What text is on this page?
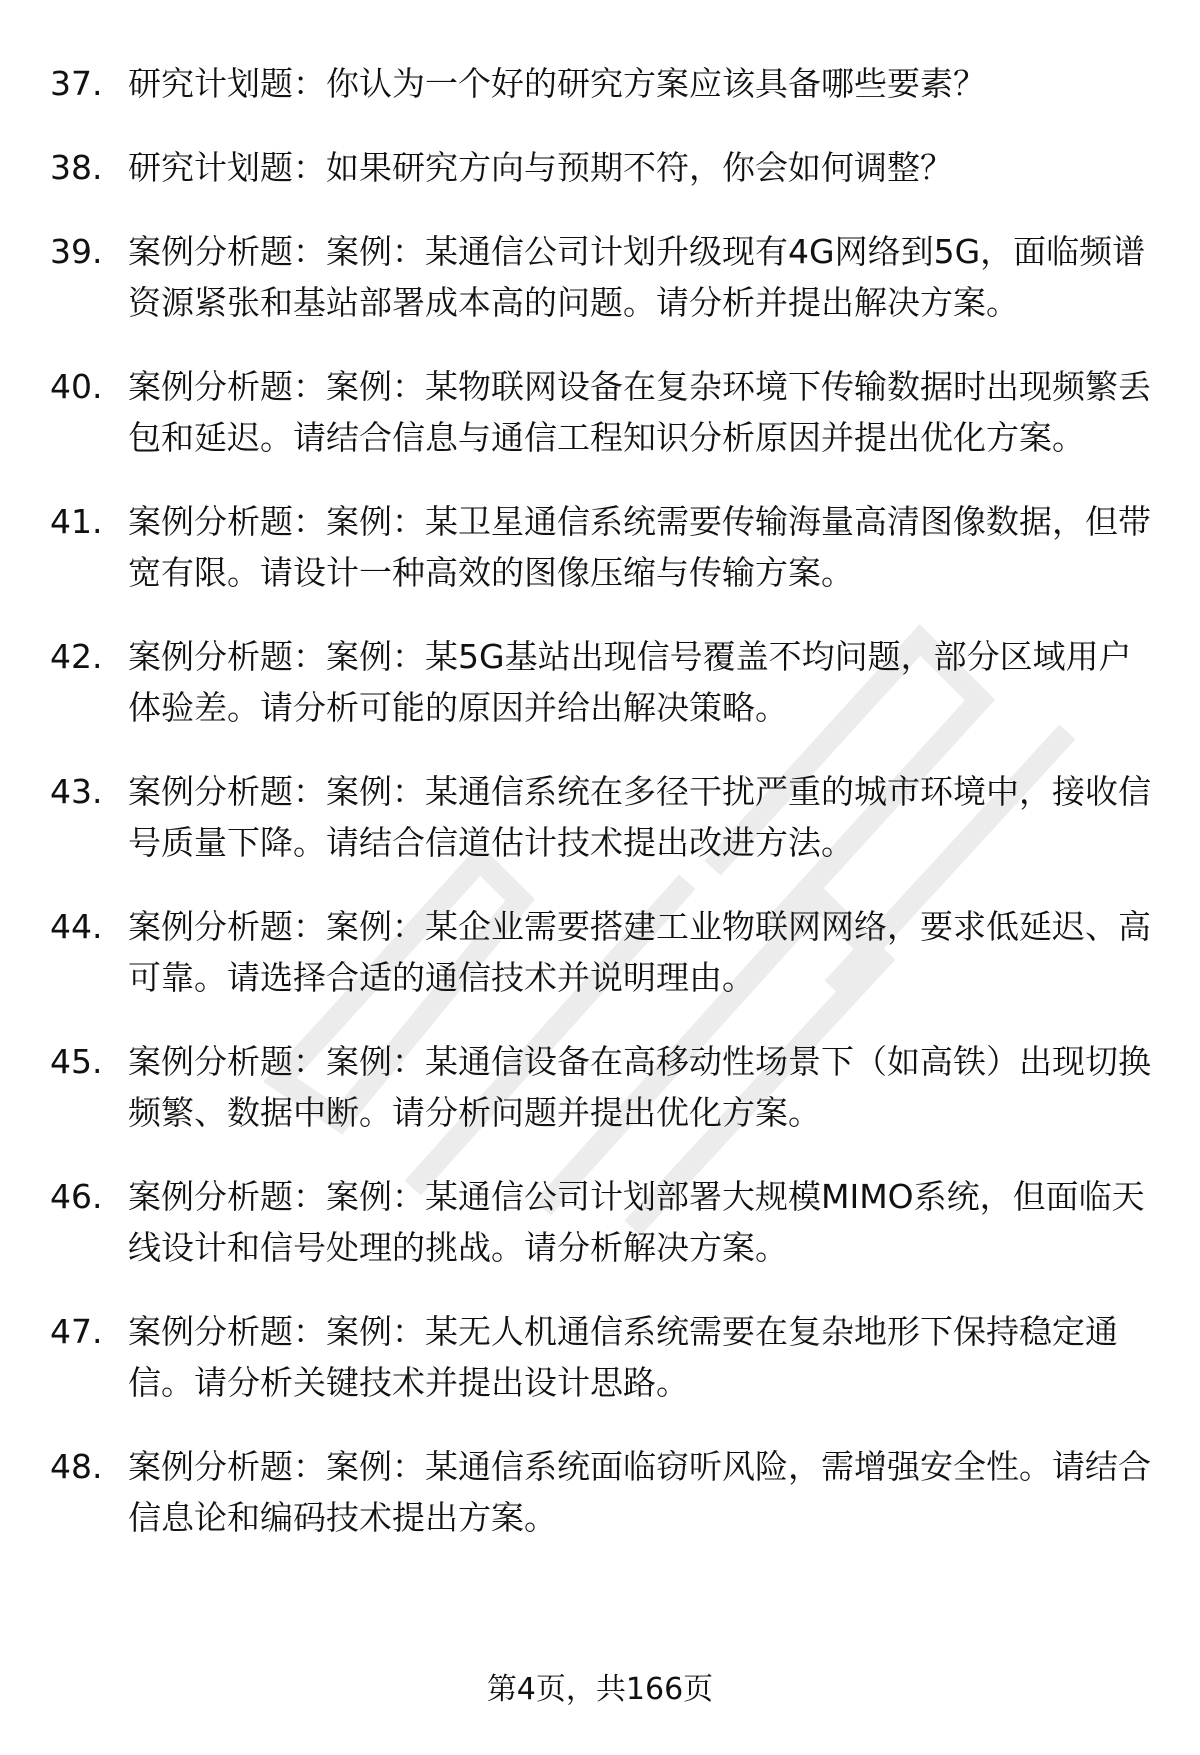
37. 研究计划题：你认为一个好的研究方案应该具备哪些要素？
38. 研究计划题：如果研究方向与预期不符，你会如何调整？
39. 案例分析题：案例：某通信公司计划升级现有4G网络到5G，面临频谱资源紧张和基站部署成本高的问题。请分析并提出解决方案。
40. 案例分析题：案例：某物联网设备在复杂环境下传输数据时出现频繁丢包和延迟。请结合信息与通信工程知识分析原因并提出优化方案。
41. 案例分析题：案例：某卫星通信系统需要传输海量高清图像数据，但带宽有限。请设计一种高效的图像压缩与传输方案。
42. 案例分析题：案例：某5G基站出现信号覆盖不均问题，部分区域用户体验差。请分析可能的原因并给出解决策略。
43. 案例分析题：案例：某通信系统在多径干扰严重的城市环境中，接收信号质量下降。请结合信道估计技术提出改进方法。
44. 案例分析题：案例：某企业需要搭建工业物联网网络，要求低延迟、高可靠。请选择合适的通信技术并说明理由。
45. 案例分析题：案例：某通信设备在高移动性场景下（如高铁）出现切换频繁、数据中断。请分析问题并提出优化方案。
46. 案例分析题：案例：某通信公司计划部署大规模MIMO系统，但面临天线设计和信号处理的挑战。请分析解决方案。
47. 案例分析题：案例：某无人机通信系统需要在复杂地形下保持稳定通信。请分析关键技术并提出设计思路。
48. 案例分析题：案例：某通信系统面临窃听风险，需增强安全性。请结合信息论和编码技术提出方案。
第4页，共166页
